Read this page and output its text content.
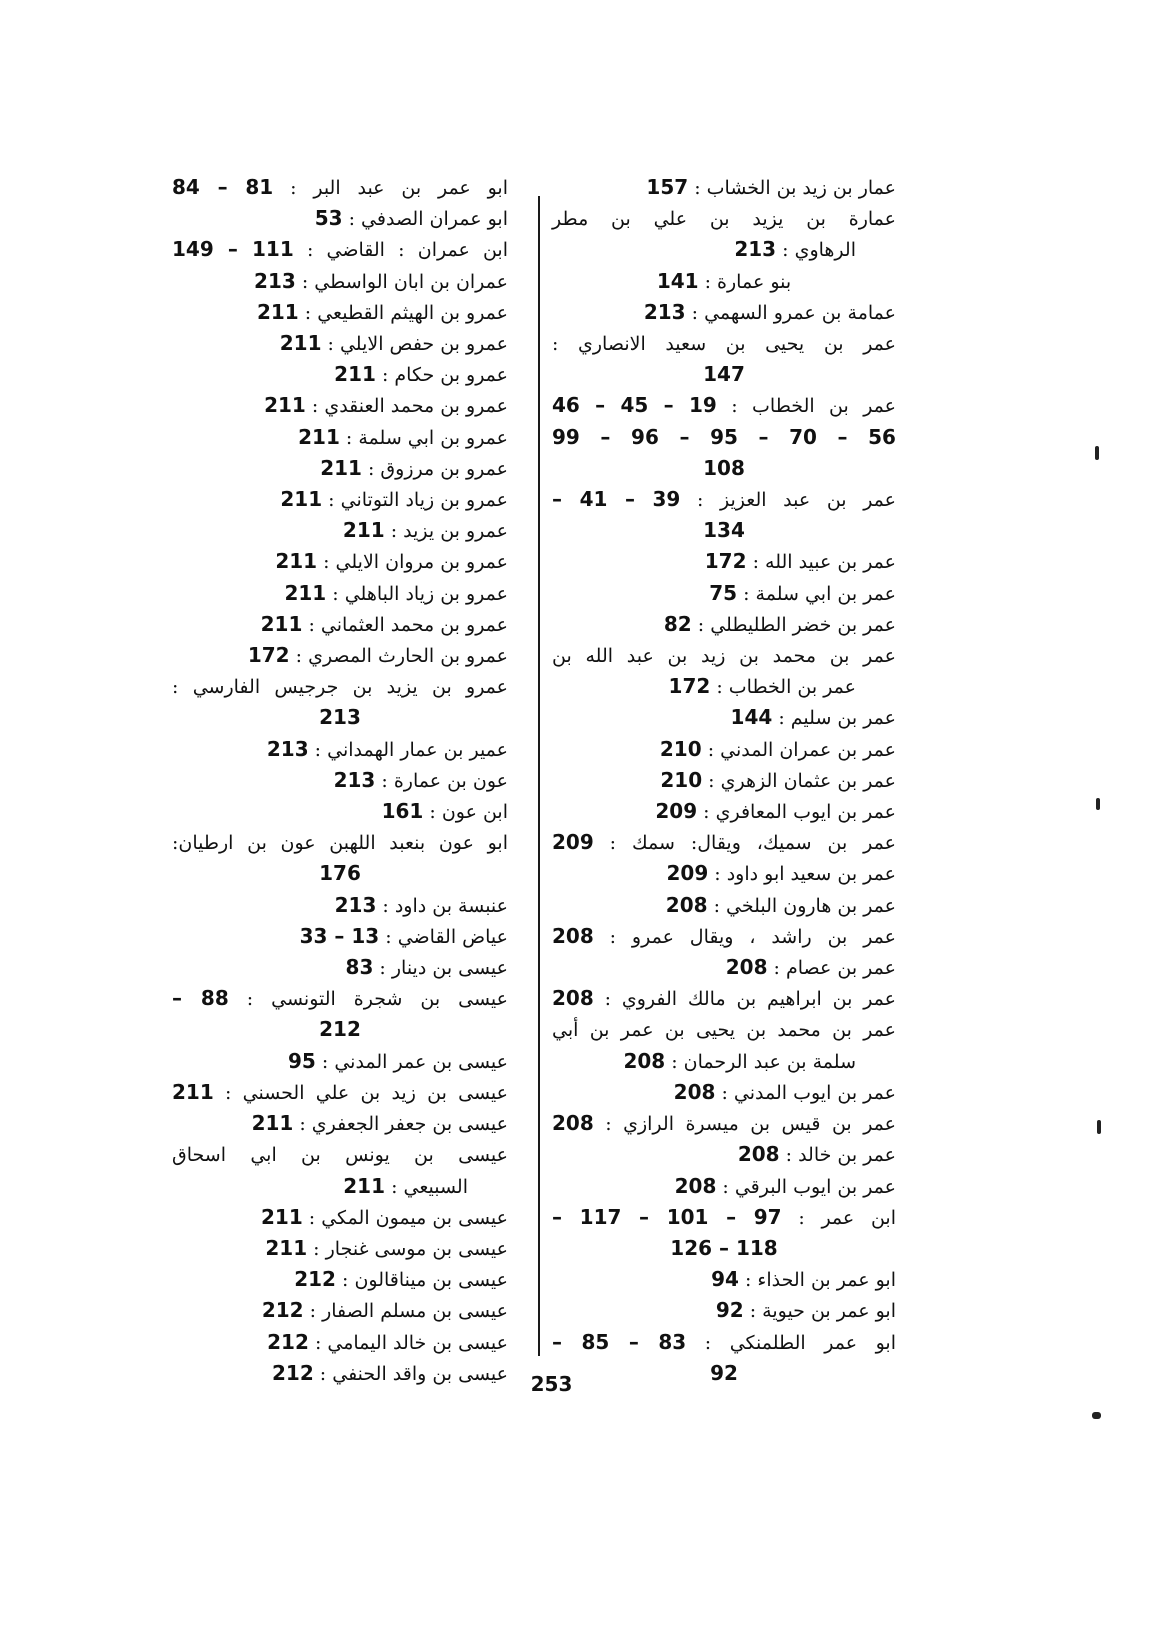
عمار بن زيد بن الخشاب : 157
عمارة بن يزيد بن علي بن مطر
الرهاوي : 213
بنو عمارة : 141
عمامة بن عمرو السهمي : 213
عمر بن يحيى بن سعيد الانصاري :
147
عمر بن الخطاب : 19 – 45 – 46
56 – 70 – 95 – 96 – 99
108
عمر بن عبد العزيز : 39 – 41 –
134
عمر بن عبيد الله : 172
عمر بن ابي سلمة : 75
عمر بن خضر الطليطلي : 82
عمر بن محمد بن زيد بن عبد الله بن
عمر بن الخطاب : 172
عمر بن سليم : 144
عمر بن عمران المدني : 210
عمر بن عثمان الزهري : 210
عمر بن ايوب المعافري : 209
عمر بن سميك، ويقال: سمك : 209
عمر بن سعيد ابو داود : 209
عمر بن هارون البلخي : 208
عمر بن راشد ، ويقال عمرو : 208
عمر بن عصام : 208
عمر بن ابراهيم بن مالك الفروي : 208
عمر بن محمد بن يحيى بن عمر بن أبي
سلمة بن عبد الرحمان : 208
عمر بن ايوب المدني : 208
عمر بن قيس بن ميسرة الرازي : 208
عمر بن خالد : 208
عمر بن ايوب البرقي : 208
ابن عمر : 97 – 101 – 117 –
118 – 126
ابو عمر بن الحذاء : 94
ابو عمر بن حيوية : 92
ابو عمر الطلمنكي : 83 – 85 –
92
ابو عمر بن عبد البر : 81 – 84
ابو عمران الصدفي : 53
ابن عمران : القاضي : 111 – 149
عمران بن ابان الواسطي : 213
عمرو بن الهيثم القطيعي : 211
عمرو بن حفص الايلي : 211
عمرو بن حكام : 211
عمرو بن محمد العنقدي : 211
عمرو بن ابي سلمة : 211
عمرو بن مرزوق : 211
عمرو بن زياد التوتاني : 211
عمرو بن يزيد : 211
عمرو بن مروان الايلي : 211
عمرو بن زياد الباهلي : 211
عمرو بن محمد العثماني : 211
عمرو بن الحارث المصري : 172
عمرو بن يزيد بن جرجيس الفارسي :
213
عمير بن عمار الهمداني : 213
عون بن عمارة : 213
ابن عون : 161
ابو عون بنعبد اللهبن عون بن ارطيان:
176
عنبسة بن داود : 213
عياض القاضي : 13 – 33
عيسى بن دينار : 83
عيسى بن شجرة التونسي : 88 –
212
عيسى بن عمر المدني : 95
عيسى بن زيد بن علي الحسني : 211
عيسى بن جعفر الجعفري : 211
عيسى بن يونس بن ابي اسحاق
السبيعي : 211
عيسى بن ميمون المكي : 211
عيسى بن موسى غنجار : 211
عيسى بن ميناقالون : 212
عيسى بن مسلم الصفار : 212
عيسى بن خالد اليمامي : 212
عيسى بن واقد الحنفي : 212	253
